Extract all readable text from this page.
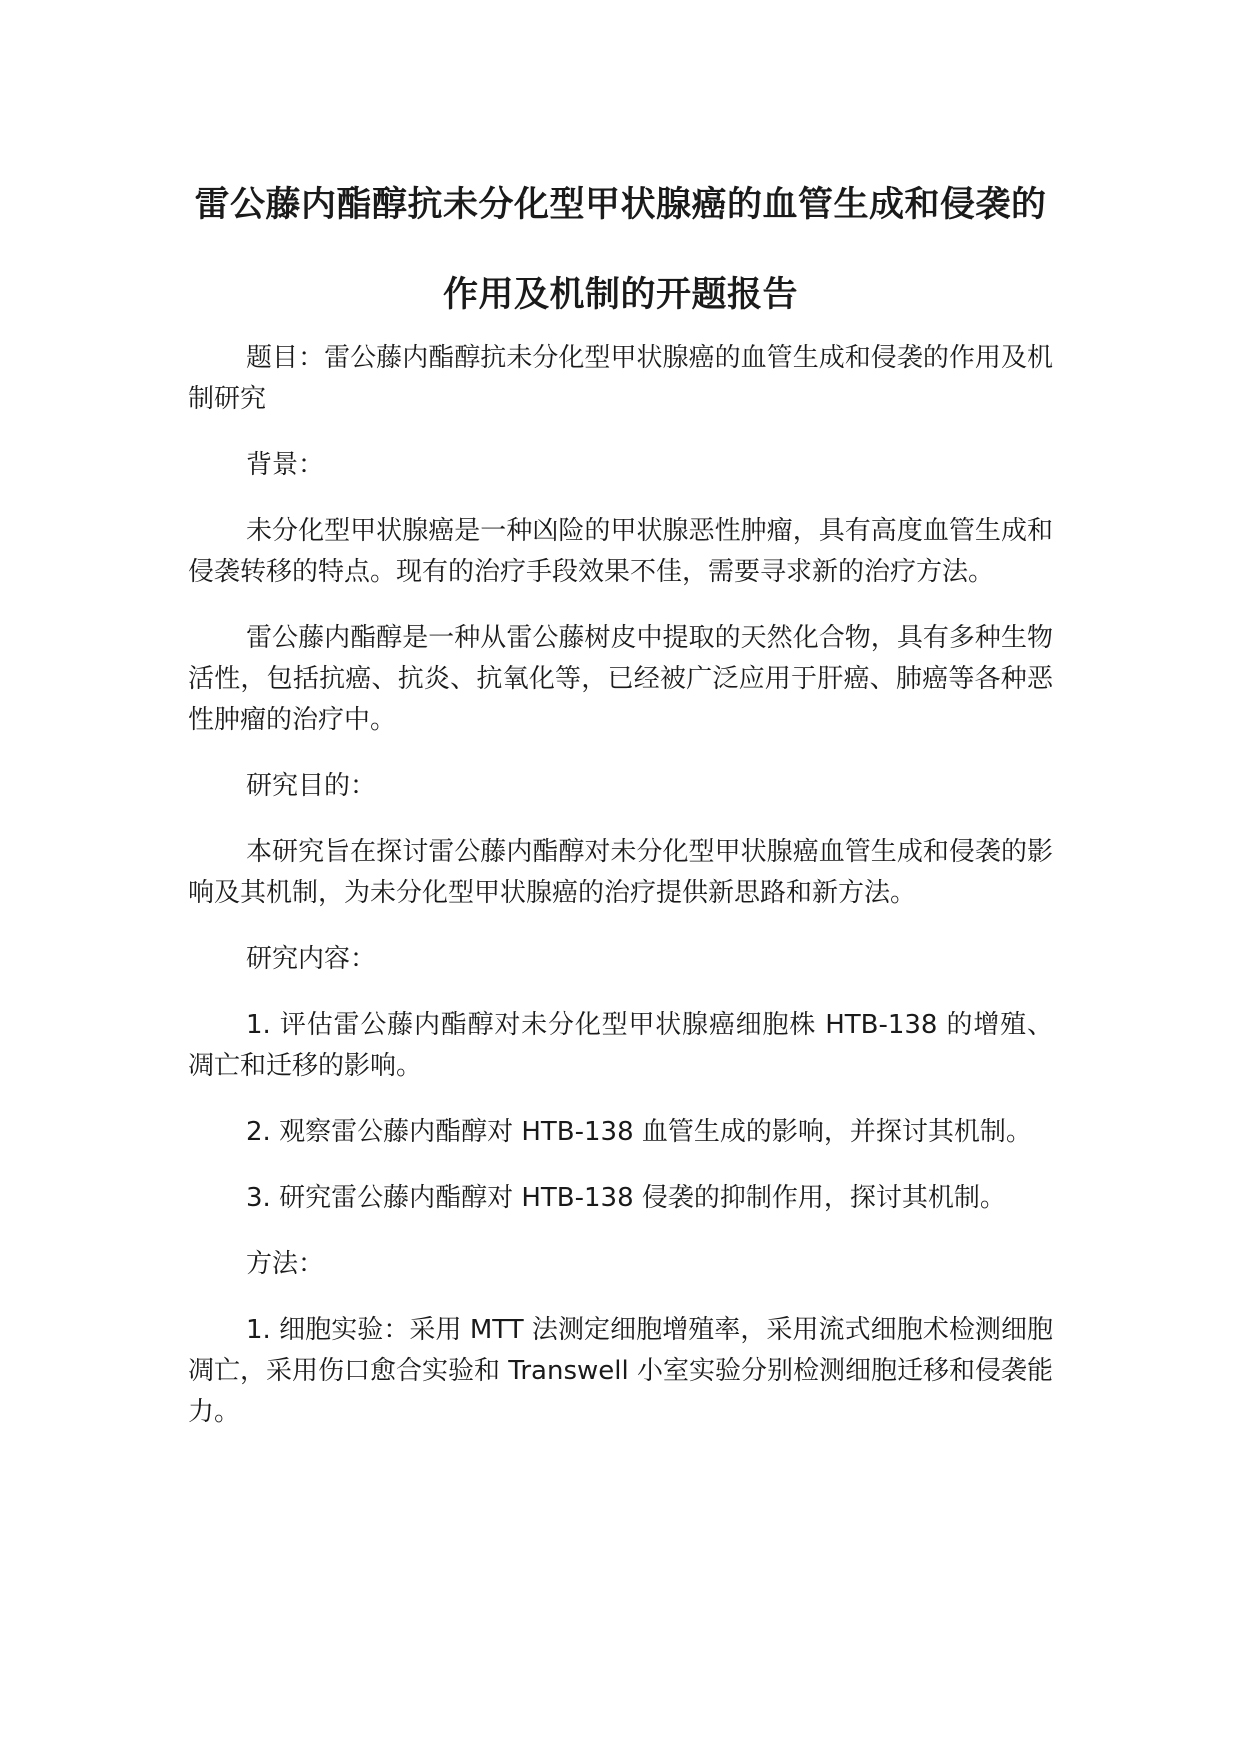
雷公藤内酯醇抗未分化型甲状腺癌的血管生成和侵袭的作用及机制的开题报告

题目：雷公藤内酯醇抗未分化型甲状腺癌的血管生成和侵袭的作用及机制研究

背景：

未分化型甲状腺癌是一种凶险的甲状腺恶性肿瘤，具有高度血管生成和侵袭转移的特点。现有的治疗手段效果不佳，需要寻求新的治疗方法。

雷公藤内酯醇是一种从雷公藤树皮中提取的天然化合物，具有多种生物活性，包括抗癌、抗炎、抗氧化等，已经被广泛应用于肝癌、肺癌等各种恶性肿瘤的治疗中。

研究目的：

本研究旨在探讨雷公藤内酯醇对未分化型甲状腺癌血管生成和侵袭的影响及其机制，为未分化型甲状腺癌的治疗提供新思路和新方法。

研究内容：

1. 评估雷公藤内酯醇对未分化型甲状腺癌细胞株 HTB-138 的增殖、凋亡和迁移的影响。

2. 观察雷公藤内酯醇对 HTB-138 血管生成的影响，并探讨其机制。

3. 研究雷公藤内酯醇对 HTB-138 侵袭的抑制作用，探讨其机制。

方法：

1. 细胞实验：采用 MTT 法测定细胞增殖率，采用流式细胞术检测细胞凋亡，采用伤口愈合实验和 Transwell 小室实验分别检测细胞迁移和侵袭能力。
